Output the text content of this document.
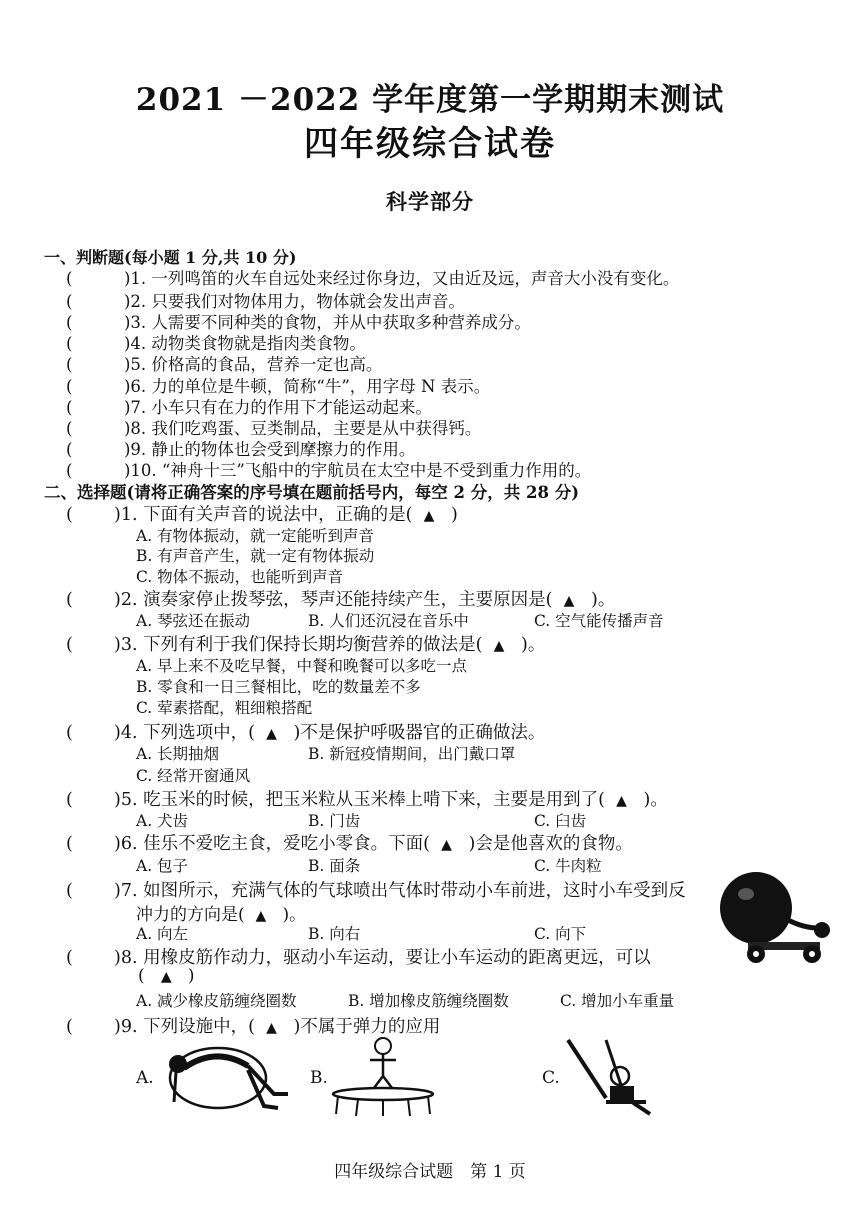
2021 －2022 学年度第一学期期末测试
四年级综合试卷
科学部分
一、判断题(每小题 1 分,共 10 分)
(	)1. 一列鸣笛的火车自远处来经过你身边，又由近及远，声音大小没有变化。
(	)2. 只要我们对物体用力，物体就会发出声音。
(	)3. 人需要不同种类的食物，并从中获取多种营养成分。
(	)4. 动物类食物就是指肉类食物。
(	)5. 价格高的食品，营养一定也高。
(	)6. 力的单位是牛顿，简称“牛”，用字母 N 表示。
(	)7. 小车只有在力的作用下才能运动起来。
(	)8. 我们吃鸡蛋、豆类制品，主要是从中获得钙。
(	)9. 静止的物体也会受到摩擦力的作用。
(	)10. “神舟十三”飞船中的宇航员在太空中是不受到重力作用的。
二、选择题(请将正确答案的序号填在题前括号内，每空 2 分，共 28 分)
( )1. 下面有关声音的说法中，正确的是( ▲ )
A. 有物体振动，就一定能听到声音
B. 有声音产生，就一定有物体振动
C. 物体不振动，也能听到声音
( )2. 演奏家停止拨琴弦，琴声还能持续产生，主要原因是( ▲ )。
A. 琴弦还在振动	B. 人们还沉浸在音乐中	C. 空气能传播声音
( )3. 下列有利于我们保持长期均衡营养的做法是( ▲ )。
A. 早上来不及吃早餐，中餐和晚餐可以多吃一点
B. 零食和一日三餐相比，吃的数量差不多
C. 荤素搭配，粗细粮搭配
( )4. 下列选项中，( ▲ )不是保护呼吸器官的正确做法。
A. 长期抽烟	B. 新冠疫情期间，出门戴口罩
C. 经常开窗通风
( )5. 吃玉米的时候，把玉米粒从玉米棒上啃下来，主要是用到了( ▲ )。
A. 犬齿	B. 门齿	C. 臼齿
( )6. 佳乐不爱吃主食，爱吃小零食。下面( ▲ )会是他喜欢的食物。
A. 包子	B. 面条	C. 牛肉粒
( )7. 如图所示，充满气体的气球喷出气体时带动小车前进，这时小车受到反
冲力的方向是( ▲ )。
A. 向左	B. 向右	C. 向下
( )8. 用橡皮筋作动力，驱动小车运动，要让小车运动的距离更远，可以
( ▲ )
A. 减少橡皮筋缠绕圈数	B. 增加橡皮筋缠绕圈数	C. 增加小车重量
( )9. 下列设施中，( ▲ )不属于弹力的应用
A.	B.	C.
四年级综合试题　第 1 页
